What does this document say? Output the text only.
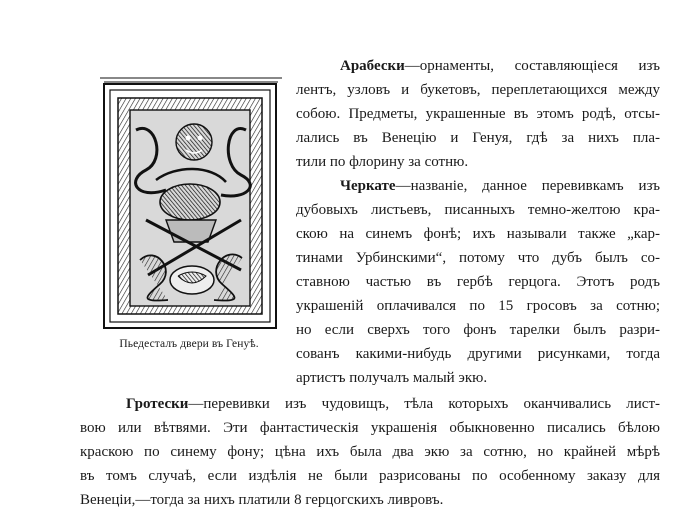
Пьедесталъ двери въ Генуѣ.
Арабески—орнаменты, составляющіеся изъ
лентъ, узловъ и букетовъ, переплетающихся между
собою. Предметы, украшенные въ этомъ родѣ, отсы-
лались въ Венецію и Генуя, гдѣ за нихъ пла-
тили по флорину за сотню.
Черкате—названіе, данное перевивкамъ изъ
дубовыхъ листьевъ, писанныхъ темно-желтою кра-
скою на синемъ фонѣ; ихъ называли также „кар-
тинами Урбинскими“, потому что дубъ былъ со-
ставною частью въ гербѣ герцога. Этотъ родъ
украшеній оплачивался по 15 гросовъ за сотню;
но если сверхъ того фонъ тарелки былъ разри-
сованъ какими-нибудь другими рисунками, тогда
артистъ получалъ малый экю.
Гротески—перевивки изъ чудовищъ, тѣла которыхъ оканчивались лист-
вою или вѣтвями. Эти фантастическія украшенія обыкновенно писались бѣлою
краскою по синему фону; цѣна ихъ была два экю за сотню, но крайней мѣрѣ
въ томъ случаѣ, если издѣлія не были разрисованы по особенному заказу для
Венеціи,—тогда за нихъ платили 8 герцогскихъ ливровъ.
